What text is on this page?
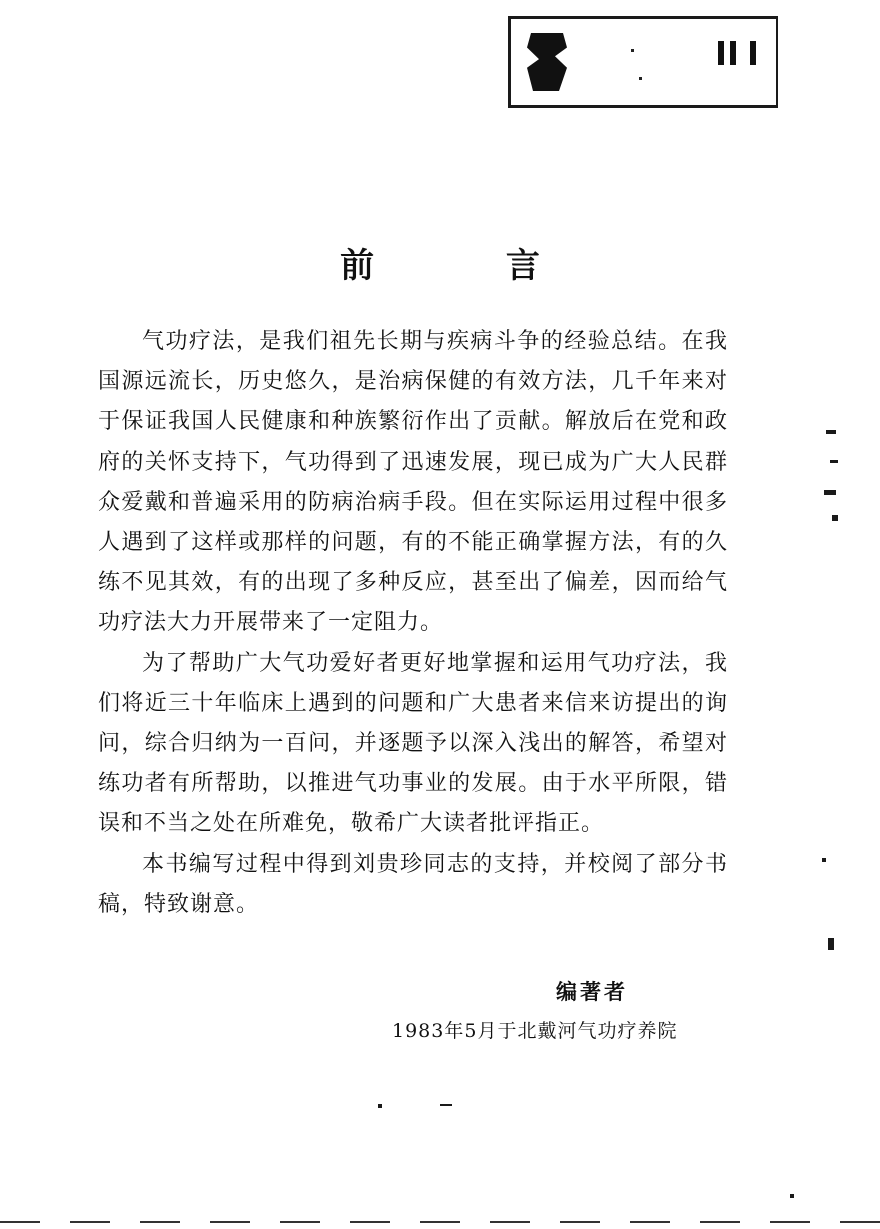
前 言

气功疗法，是我们祖先长期与疾病斗争的经验总结。在我国源远流长，历史悠久，是治病保健的有效方法，几千年来对于保证我国人民健康和种族繁衍作出了贡献。解放后在党和政府的关怀支持下，气功得到了迅速发展，现已成为广大人民群众爱戴和普遍采用的防病治病手段。但在实际运用过程中很多人遇到了这样或那样的问题，有的不能正确掌握方法，有的久练不见其效，有的出现了多种反应，甚至出了偏差，因而给气功疗法大力开展带来了一定阻力。

为了帮助广大气功爱好者更好地掌握和运用气功疗法，我们将近三十年临床上遇到的问题和广大患者来信来访提出的询问，综合归纳为一百问，并逐题予以深入浅出的解答，希望对练功者有所帮助，以推进气功事业的发展。由于水平所限，错误和不当之处在所难免，敬希广大读者批评指正。

本书编写过程中得到刘贵珍同志的支持，并校阅了部分书稿，特致谢意。

编著者
1983年5月于北戴河气功疗养院
